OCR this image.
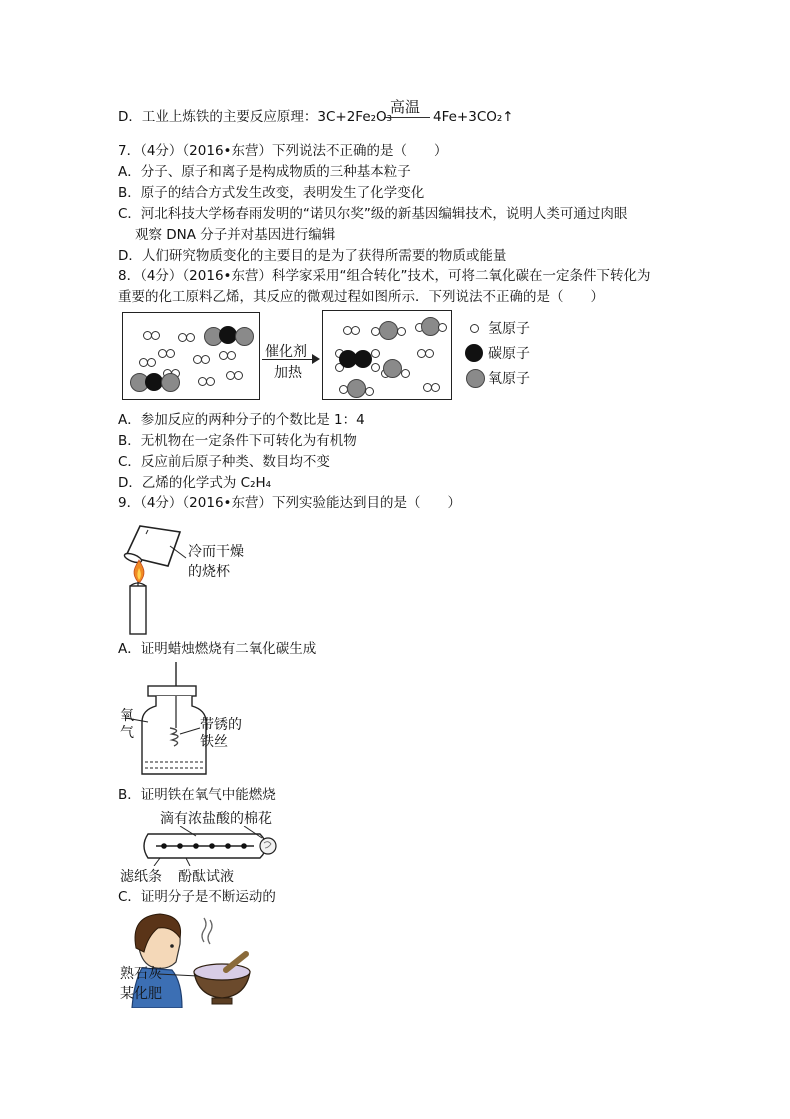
D．工业上炼铁的主要反应原理：3C+2Fe₂O₃
高温
4Fe+3CO₂↑
7．（4分）（2016•东营）下列说法不正确的是（　　）
A．分子、原子和离子是构成物质的三种基本粒子
B．原子的结合方式发生改变，表明发生了化学变化
C．河北科技大学杨春雨发明的“诺贝尔奖”级的新基因编辑技术，说明人类可通过肉眼
观察 DNA 分子并对基因进行编辑
D．人们研究物质变化的主要目的是为了获得所需要的物质或能量
8．（4分）（2016•东营）科学家采用“组合转化”技术，可将二氧化碳在一定条件下转化为
重要的化工原料乙烯，其反应的微观过程如图所示．下列说法不正确的是（　　）
催化剂
加热
氢原子
碳原子
氧原子
A．参加反应的两种分子的个数比是 1：4
B．无机物在一定条件下可转化为有机物
C．反应前后原子种类、数目均不变
D．乙烯的化学式为 C₂H₄
9．（4分）（2016•东营）下列实验能达到目的是（　　）
冷而干燥
的烧杯
A．证明蜡烛燃烧有二氧化碳生成
氧
气	带锈的
铁丝
B．证明铁在氧气中能燃烧
滴有浓盐酸的棉花
滤纸条 酚酞试液
C．证明分子是不断运动的
熟石灰
某化肥
